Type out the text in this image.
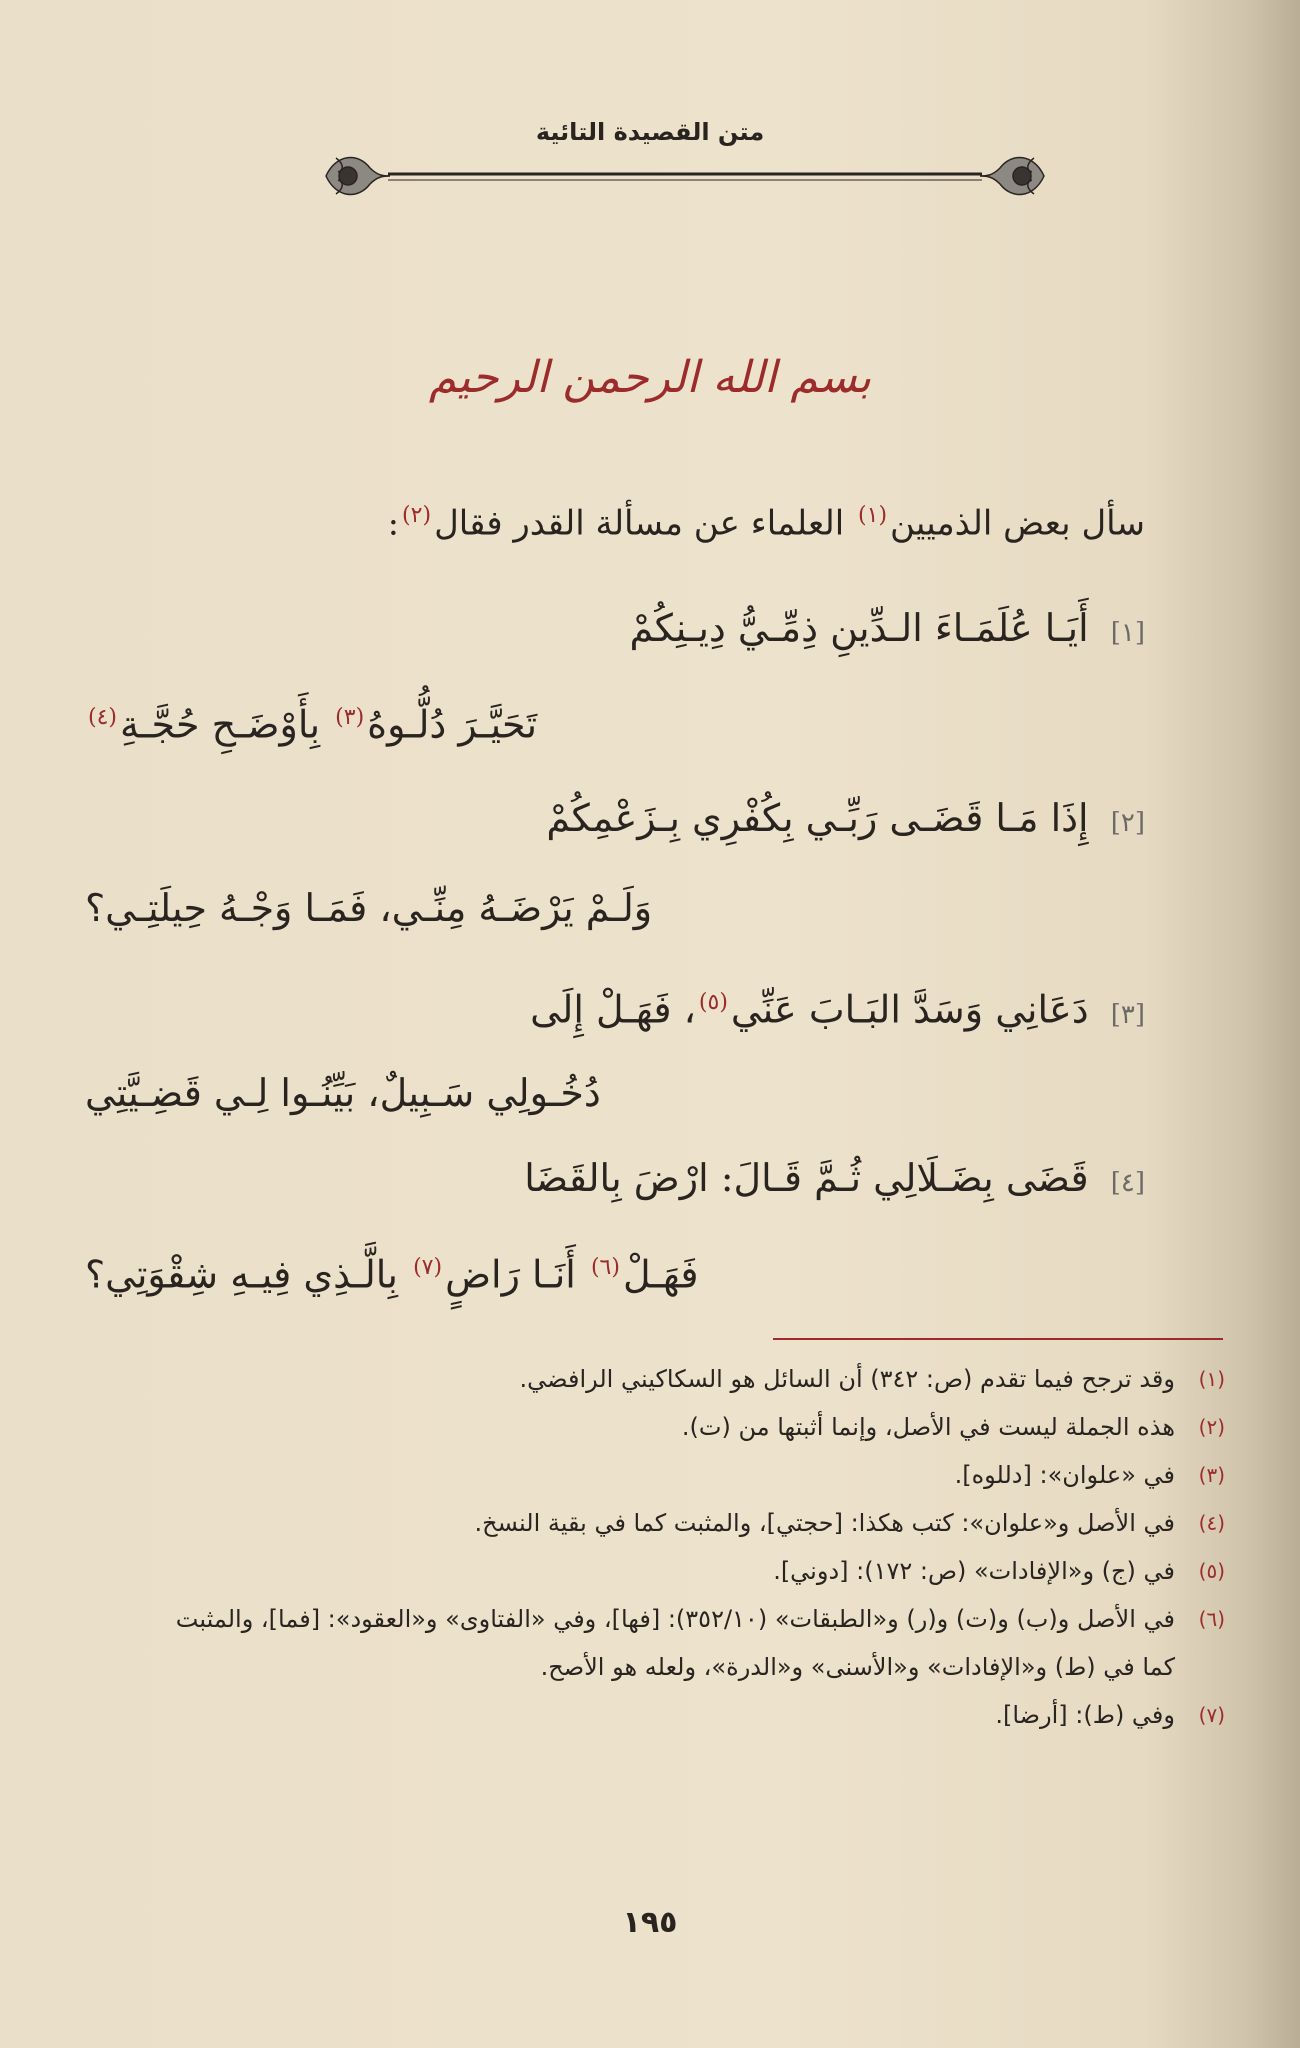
متن القصيدة التائية
بسم الله الرحمن الرحيم
سأل بعض الذميين$^{(١)}$ العلماء عن مسألة القدر فقال$^{(٢)}$:
[١] أَيَـا عُلَمَـاءَ الـدِّينِ ذِمِّـيُّ دِيـنِكُمْ
تَحَيَّـرَ دُلُّـوهُ$^{(٣)}$ بِأَوْضَـحِ حُجَّـةِ$^{(٤)}$
[٢] إِذَا مَـا قَضَـى رَبِّـي بِكُفْرِي بِـزَعْمِكُمْ
وَلَـمْ يَرْضَـهُ مِنِّـي، فَمَـا وَجْـهُ حِيلَتِـي؟
[٣] دَعَانِي وَسَدَّ البَـابَ عَنِّي$^{(٥)}$، فَهَـلْ إِلَى
دُخُـولِي سَـبِيلٌ، بَيِّنُـوا لِـي قَضِـيَّتِي
[٤] قَضَى بِضَـلَالِي ثُـمَّ قَـالَ: ارْضَ بِالقَضَا
فَهَـلْ$^{(٦)}$ أَنَـا رَاضٍ$^{(٧)}$ بِالَّـذِي فِيـهِ شِقْوَتِي؟
(١)
وقد ترجح فيما تقدم (ص: ٣٤٢) أن السائل هو السكاكيني الرافضي.
(٢)
هذه الجملة ليست في الأصل، وإنما أثبتها من (ت).
(٣)
في «علوان»: [دللوه].
(٤)
في الأصل و«علوان»: كتب هكذا: [حجتي]، والمثبت كما في بقية النسخ.
(٥)
في (ج) و«الإفادات» (ص: ١٧٢): [دوني].
(٦)
في الأصل و(ب) و(ت) و(ر) و«الطبقات» (٣٥٢/١٠): [فها]، وفي «الفتاوى» و«العقود»: [فما]، والمثبت كما في (ط) و«الإفادات» و«الأسنى» و«الدرة»، ولعله هو الأصح.
(٧)
وفي (ط): [أرضا].
١٩٥
